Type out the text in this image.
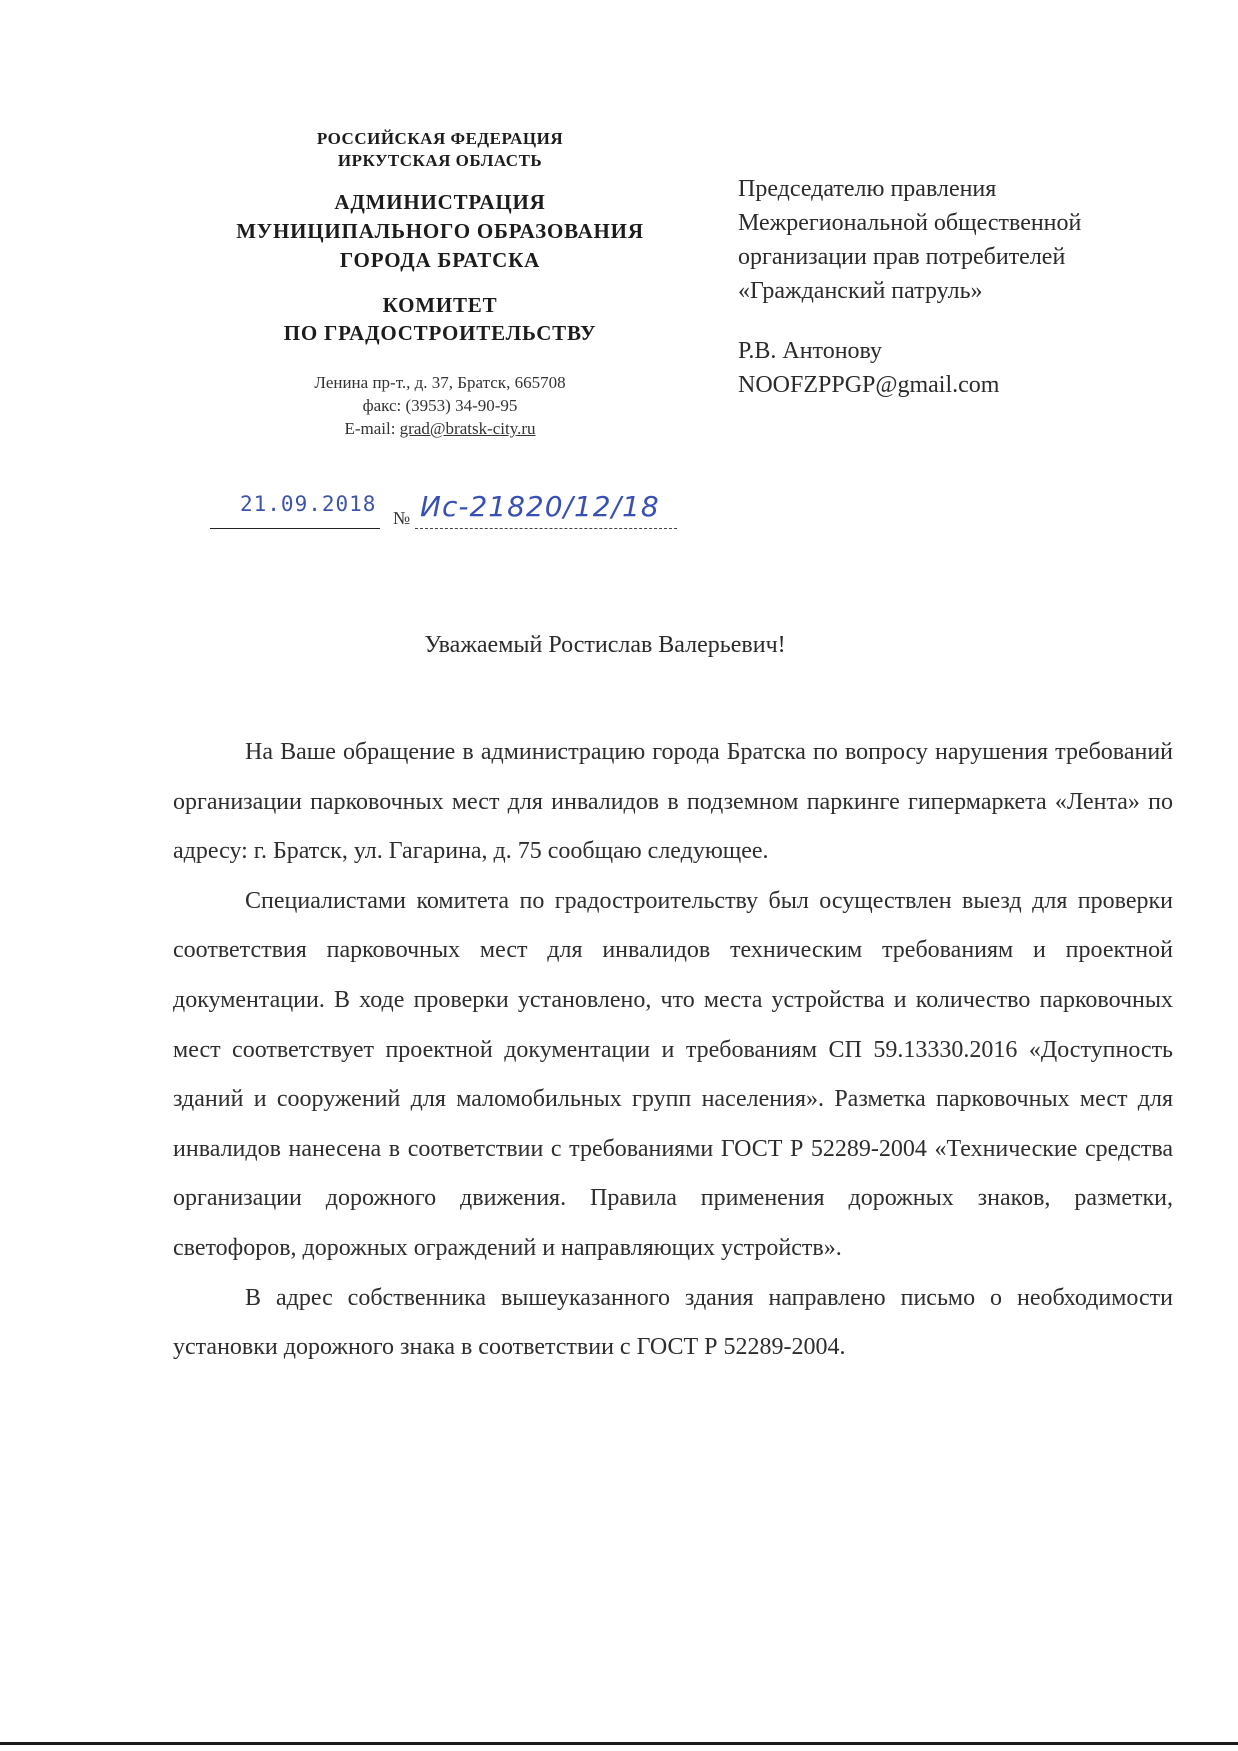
РОССИЙСКАЯ ФЕДЕРАЦИЯ
ИРКУТСКАЯ ОБЛАСТЬ
АДМИНИСТРАЦИЯ
МУНИЦИПАЛЬНОГО ОБРАЗОВАНИЯ
ГОРОДА БРАТСКА
КОМИТЕТ
ПО ГРАДОСТРОИТЕЛЬСТВУ
Ленина пр-т., д. 37, Братск, 665708
факс: (3953) 34-90-95
E-mail: grad@bratsk-city.ru
21.09.2018
№ Ис-21820/12/18
Председателю правления
Межрегиональной общественной
организации прав потребителей
«Гражданский патруль»
Р.В. Антонову
NOOFZPPGP@gmail.com
Уважаемый Ростислав Валерьевич!

На Ваше обращение в администрацию города Братска по вопросу нарушения требований организации парковочных мест для инвалидов в подземном паркинге гипермаркета «Лента» по адресу: г. Братск, ул. Гагарина, д. 75 сообщаю следующее.

Специалистами комитета по градостроительству был осуществлен выезд для проверки соответствия парковочных мест для инвалидов техническим требованиям и проектной документации. В ходе проверки установлено, что места устройства и количество парковочных мест соответствует проектной документации и требованиям СП 59.13330.2016 «Доступность зданий и сооружений для маломобильных групп населения». Разметка парковочных мест для инвалидов нанесена в соответствии с требованиями ГОСТ Р 52289-2004 «Технические средства организации дорожного движения. Правила применения дорожных знаков, разметки, светофоров, дорожных ограждений и направляющих устройств».

В адрес собственника вышеуказанного здания направлено письмо о необходимости установки дорожного знака в соответствии с ГОСТ Р 52289-2004.
